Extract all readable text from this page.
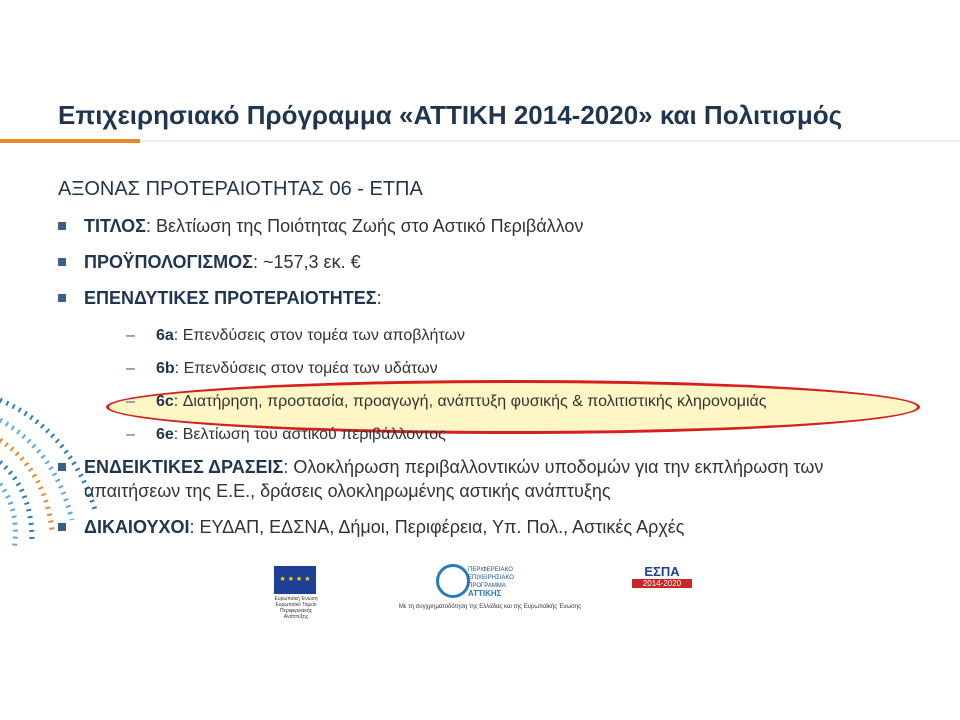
Επιχειρησιακό Πρόγραμμα «ΑΤΤΙΚΗ 2014-2020» και Πολιτισμός
ΑΞΟΝΑΣ ΠΡΟΤΕΡΑΙΟΤΗΤΑΣ 06 - ΕΤΠΑ
ΤΙΤΛΟΣ: Βελτίωση της Ποιότητας Ζωής στο Αστικό Περιβάλλον
ΠΡΟΫΠΟΛΟΓΙΣΜΟΣ: ~157,3 εκ. €
ΕΠΕΝΔΥΤΙΚΕΣ ΠΡΟΤΕΡΑΙΟΤΗΤΕΣ:
– 6a: Επενδύσεις στον τομέα των αποβλήτων
– 6b: Επενδύσεις στον τομέα των υδάτων
– 6c: Διατήρηση, προστασία, προαγωγή, ανάπτυξη φυσικής & πολιτιστικής κληρονομιάς
– 6e: Βελτίωση του αστικού περιβάλλοντος
ΕΝΔΕΙΚΤΙΚΕΣ ΔΡΑΣΕΙΣ: Ολοκλήρωση περιβαλλοντικών υποδομών για την εκπλήρωση των απαιτήσεων της Ε.Ε., δράσεις ολοκληρωμένης αστικής ανάπτυξης
ΔΙΚΑΙΟΥΧΟΙ: ΕΥΔΑΠ, ΕΔΣΝΑ, Δήμοι, Περιφέρεια, Υπ. Πολ., Αστικές Αρχές
★ ★ ★ ★
Ευρωπαϊκή Ένωση Ευρωπαϊκό Ταμείο Περιφερειακής Ανάπτυξης
ΠΕΡΙΦΕΡΕΙΑΚΟ
ΕΠΙΧΕΙΡΗΣΙΑΚΟ
ΠΡΟΓΡΑΜΜΑ
ΑΤΤΙΚΗΣ
ΕΣΠΑ
2014-2020
Με τη συγχρηματοδότηση της Ελλάδας και της Ευρωπαϊκής Ένωσης
